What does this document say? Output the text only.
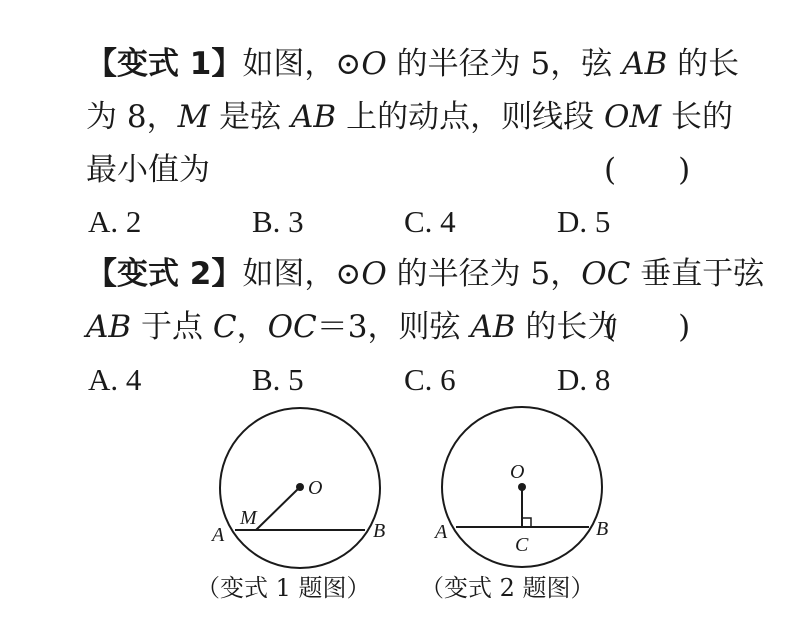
【变式 1】如图，⊙O 的半径为 5，弦 AB 的长
为 8，M 是弦 AB 上的动点，则线段 OM 长的
最小值为	(　　)
A. 2	B. 3	C. 4	D. 5
【变式 2】如图，⊙O 的半径为 5，OC 垂直于弦
AB 于点 C，OC＝3，则弦 AB 的长为
(　　)
A. 4	B. 5	C. 6	D. 8
O
M
A	B
O
C
A	B
（变式 1 题图） （变式 2 题图）
